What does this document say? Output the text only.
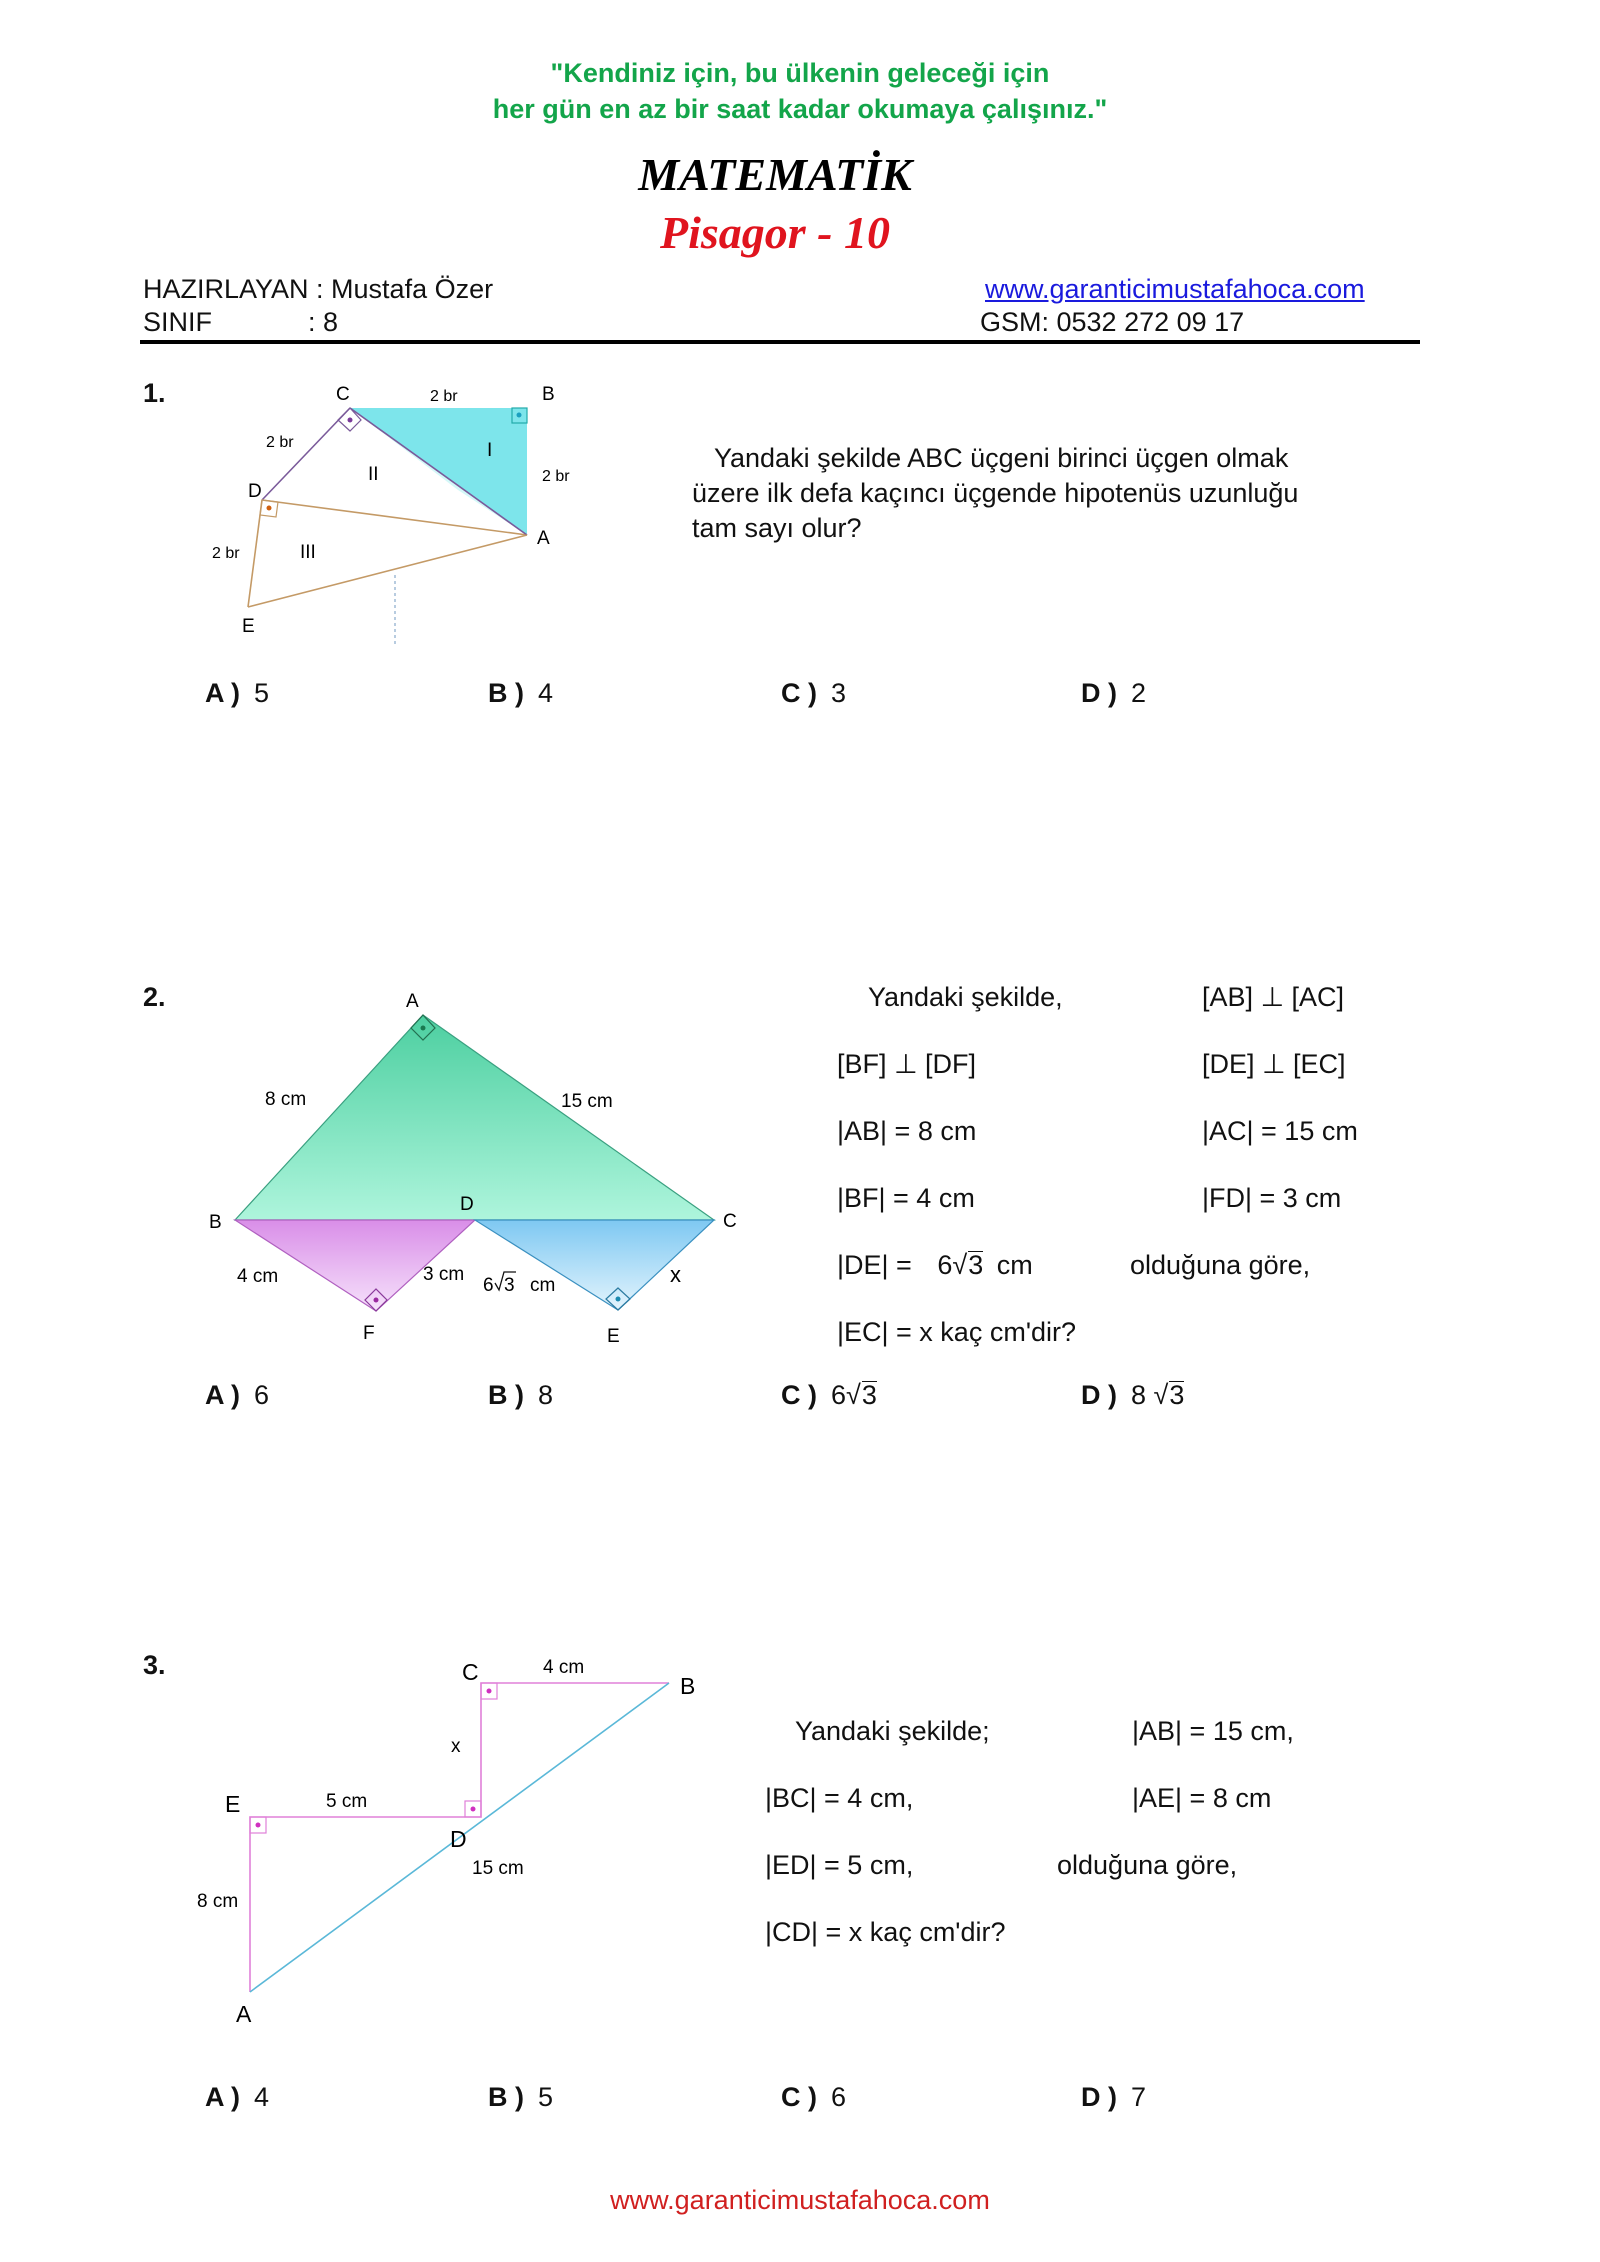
"Kendiniz için, bu ülkenin geleceği için
her gün en az bir saat kadar okumaya çalışınız."
MATEMATİK
Pisagor - 10
HAZIRLAYAN : Mustafa Özer
SINIF	: 8
www.garanticimustafahoca.com
GSM: 0532 272 09 17
1.	C	B
A
D
E
2 br
2 br
2 br
2 br
I
II
III
Yandaki şekilde ABC üçgeni birinci üçgen olmak üzere ilk defa kaçıncı üçgende hipotenüs uzunluğu tam sayı olur?
A ) 5	B ) 4	C ) 3	D ) 2
2.	A
B	C
D
E
F
8 cm	15 cm
4 cm	3 cm
6 3 cm	x
Yandaki şekilde,	[AB] ⊥ [AC]
[BF] ⊥ [DF]	[DE] ⊥ [EC]
|AB| = 8 cm	|AC| = 15 cm
|BF| = 4 cm	|FD| = 3 cm
|DE| = 6√3 cm	olduğuna göre,
|EC| = x kaç cm'dir?
A ) 6	B ) 8	C ) 6√3	D ) 8 √3
3.	C
B
E
D
A
4 cm
x
5 cm
15 cm
8 cm
Yandaki şekilde;	|AB| = 15 cm,
|BC| = 4 cm,	|AE| = 8 cm
|ED| = 5 cm,	olduğuna göre,
|CD| = x kaç cm'dir?
A ) 4	B ) 5	C ) 6	D ) 7
www.garanticimustafahoca.com
